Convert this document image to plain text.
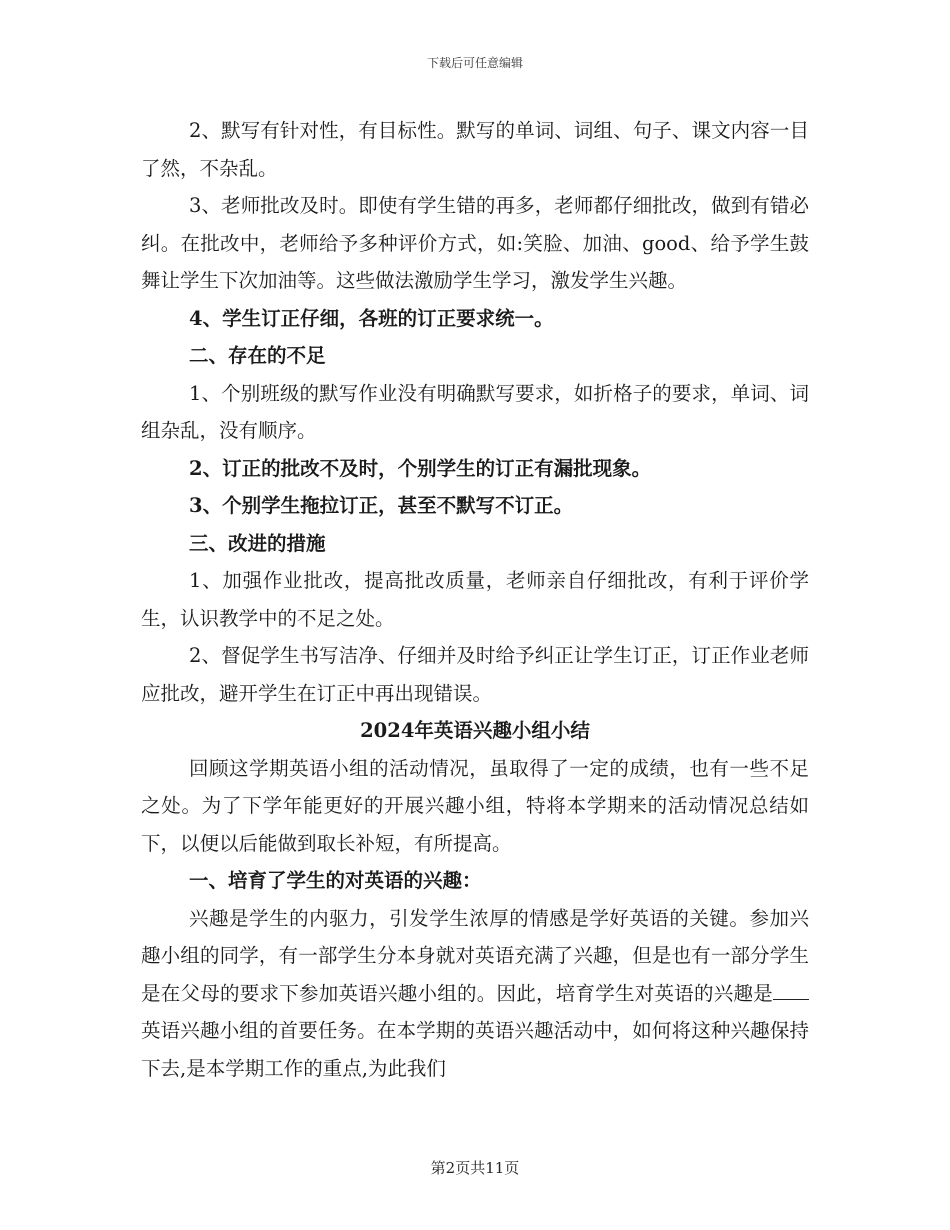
下载后可任意编辑

2、默写有针对性，有目标性。默写的单词、词组、句子、课文内容一目了然，不杂乱。

3、老师批改及时。即使有学生错的再多，老师都仔细批改，做到有错必纠。在批改中，老师给予多种评价方式，如:笑脸、加油、good、给予学生鼓舞让学生下次加油等。这些做法激励学生学习，激发学生兴趣。

4、学生订正仔细，各班的订正要求统一。

二、存在的不足

1、个别班级的默写作业没有明确默写要求，如折格子的要求，单词、词组杂乱，没有顺序。

2、订正的批改不及时，个别学生的订正有漏批现象。

3、个别学生拖拉订正，甚至不默写不订正。

三、改进的措施

1、加强作业批改，提高批改质量，老师亲自仔细批改，有利于评价学生，认识教学中的不足之处。

2、督促学生书写洁净、仔细并及时给予纠正让学生订正，订正作业老师应批改，避开学生在订正中再出现错误。

2024年英语兴趣小组小结

回顾这学期英语小组的活动情况，虽取得了一定的成绩，也有一些不足之处。为了下学年能更好的开展兴趣小组，特将本学期来的活动情况总结如下，以便以后能做到取长补短，有所提高。

一、培育了学生的对英语的兴趣：

兴趣是学生的内驱力，引发学生浓厚的情感是学好英语的关键。参加兴趣小组的同学，有一部学生分本身就对英语充满了兴趣，但是也有一部分学生是在父母的要求下参加英语兴趣小组的。因此，培育学生对英语的兴趣是英语兴趣小组的首要任务。在本学期的英语兴趣活动中，如何将这种兴趣保持下去,是本学期工作的重点,为此我们

第2页共11页
